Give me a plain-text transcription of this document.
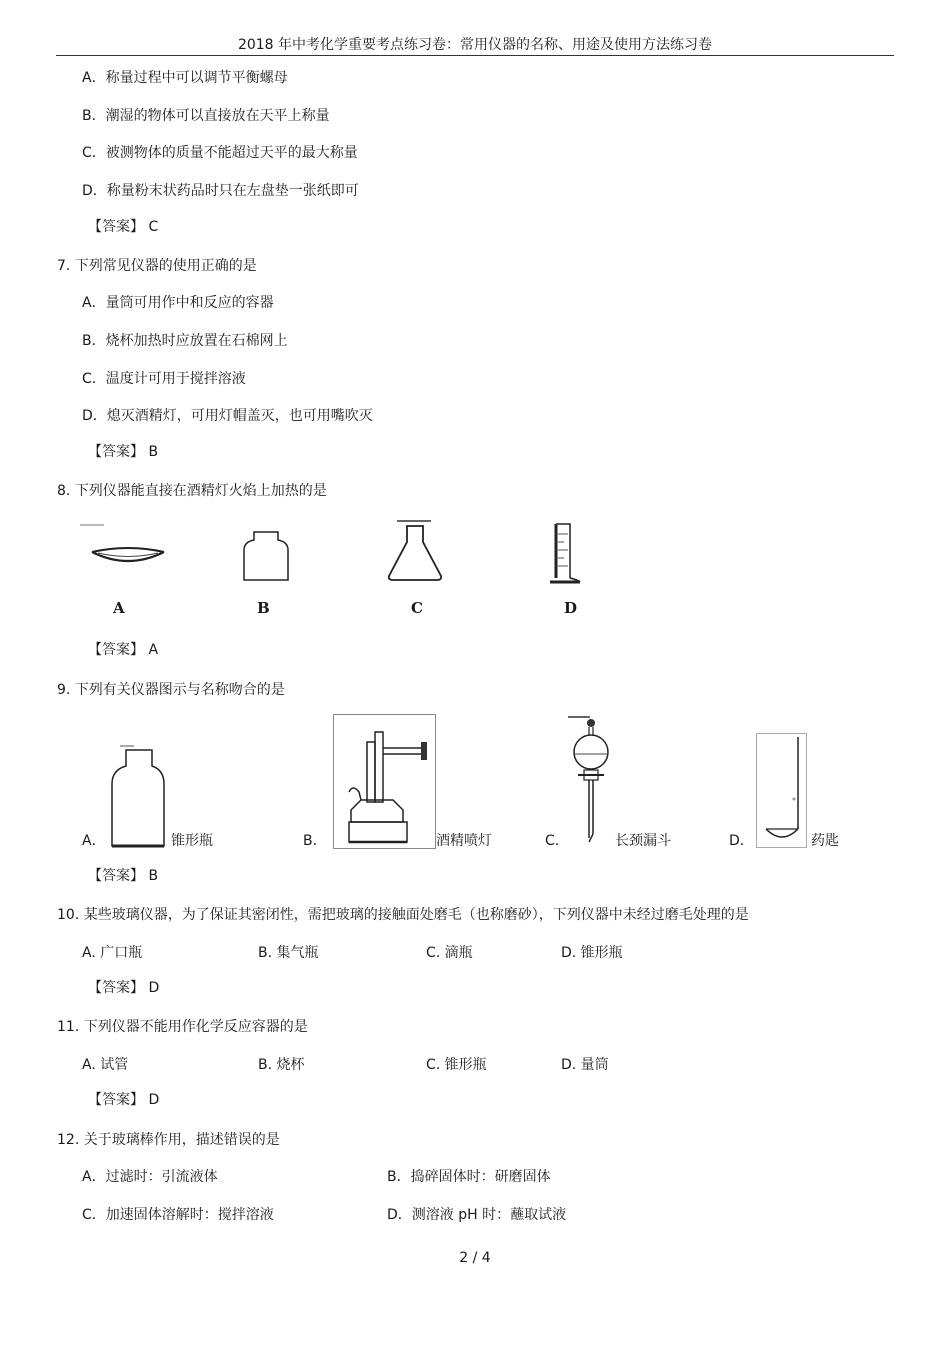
2018 年中考化学重要考点练习卷：常用仪器的名称、用途及使用方法练习卷
A．称量过程中可以调节平衡螺母
B．潮湿的物体可以直接放在天平上称量
C．被测物体的质量不能超过天平的最大称量
D．称量粉末状药品时只在左盘垫一张纸即可
【答案】 C
7. 下列常见仪器的使用正确的是
A．量筒可用作中和反应的容器
B．烧杯加热时应放置在石棉网上
C．温度计可用于搅拌溶液
D．熄灭酒精灯，可用灯帽盖灭，也可用嘴吹灭
【答案】 B
8. 下列仪器能直接在酒精灯火焰上加热的是
A	B	C	D
【答案】 A
9. 下列有关仪器图示与名称吻合的是
A．	锥形瓶	B．	酒精喷灯	C．	长颈漏斗	D．	药匙
【答案】 B
10. 某些玻璃仪器，为了保证其密闭性，需把玻璃的接触面处磨毛（也称磨砂），下列仪器中未经过磨毛处理的是
A. 广口瓶	B. 集气瓶	C. 滴瓶	D. 锥形瓶
【答案】 D
11. 下列仪器不能用作化学反应容器的是
A. 试管	B. 烧杯	C. 锥形瓶	D. 量筒
【答案】 D
12. 关于玻璃棒作用，描述错误的是
A．过滤时：引流液体	B．捣碎固体时：研磨固体
C．加速固体溶解时：搅拌溶液	D．测溶液 pH 时：蘸取试液
2 / 4
